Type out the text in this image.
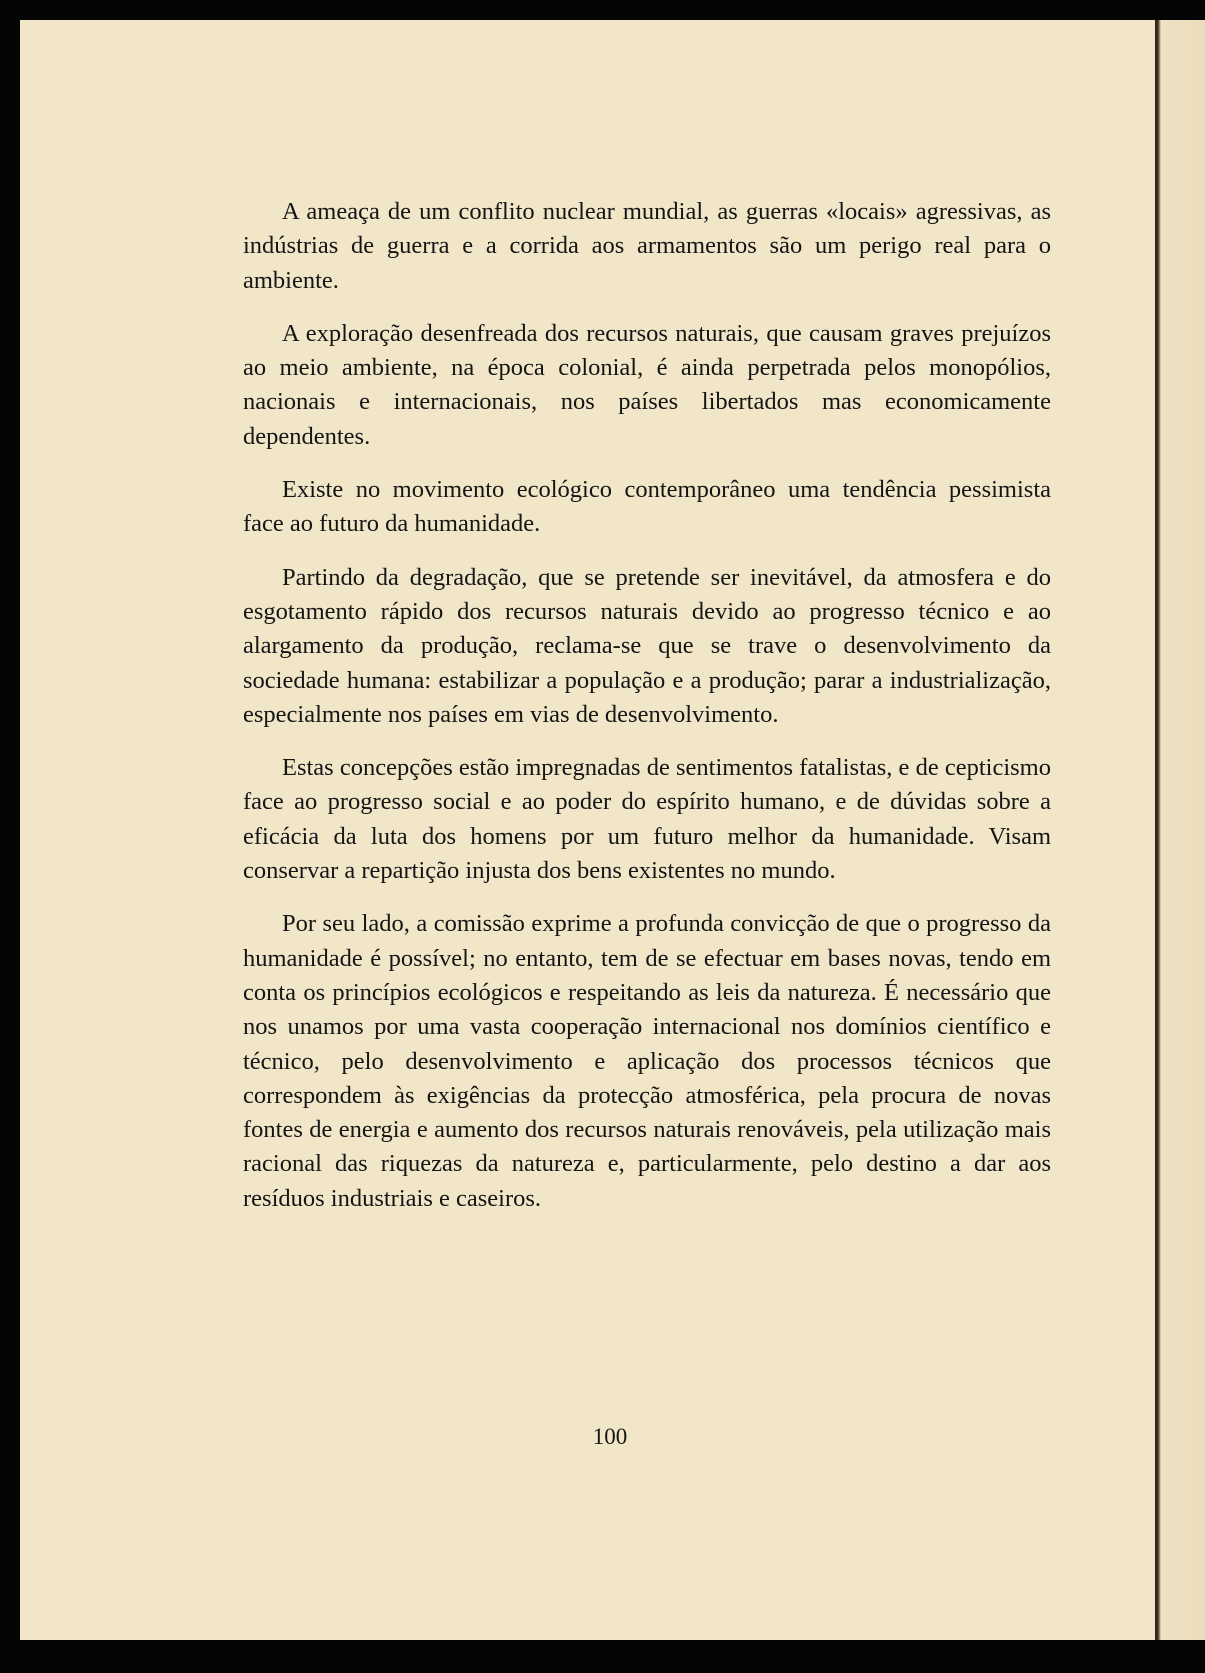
A ameaça de um conflito nuclear mundial, as guerras «locais» agressivas, as indústrias de guerra e a corrida aos armamentos são um perigo real para o ambiente.

A exploração desenfreada dos recursos naturais, que causam graves prejuízos ao meio ambiente, na época colonial, é ainda perpetrada pelos monopólios, nacionais e internacionais, nos países libertados mas economicamente dependentes.

Existe no movimento ecológico contemporâneo uma tendência pessimista face ao futuro da humanidade.

Partindo da degradação, que se pretende ser inevitável, da atmosfera e do esgotamento rápido dos recursos naturais devido ao progresso técnico e ao alargamento da produção, reclama-se que se trave o desenvolvimento da sociedade humana: estabilizar a população e a produção; parar a industrialização, especialmente nos países em vias de desenvolvimento.

Estas concepções estão impregnadas de sentimentos fatalistas, e de cepticismo face ao progresso social e ao poder do espírito humano, e de dúvidas sobre a eficácia da luta dos homens por um futuro melhor da humanidade. Visam conservar a repartição injusta dos bens existentes no mundo.

Por seu lado, a comissão exprime a profunda convicção de que o progresso da humanidade é possível; no entanto, tem de se efectuar em bases novas, tendo em conta os princípios ecológicos e respeitando as leis da natureza. É necessário que nos unamos por uma vasta cooperação internacional nos domínios científico e técnico, pelo desenvolvimento e aplicação dos processos técnicos que correspondem às exigências da protecção atmosférica, pela procura de novas fontes de energia e aumento dos recursos naturais renováveis, pela utilização mais racional das riquezas da natureza e, particularmente, pelo destino a dar aos resíduos industriais e caseiros.

100
